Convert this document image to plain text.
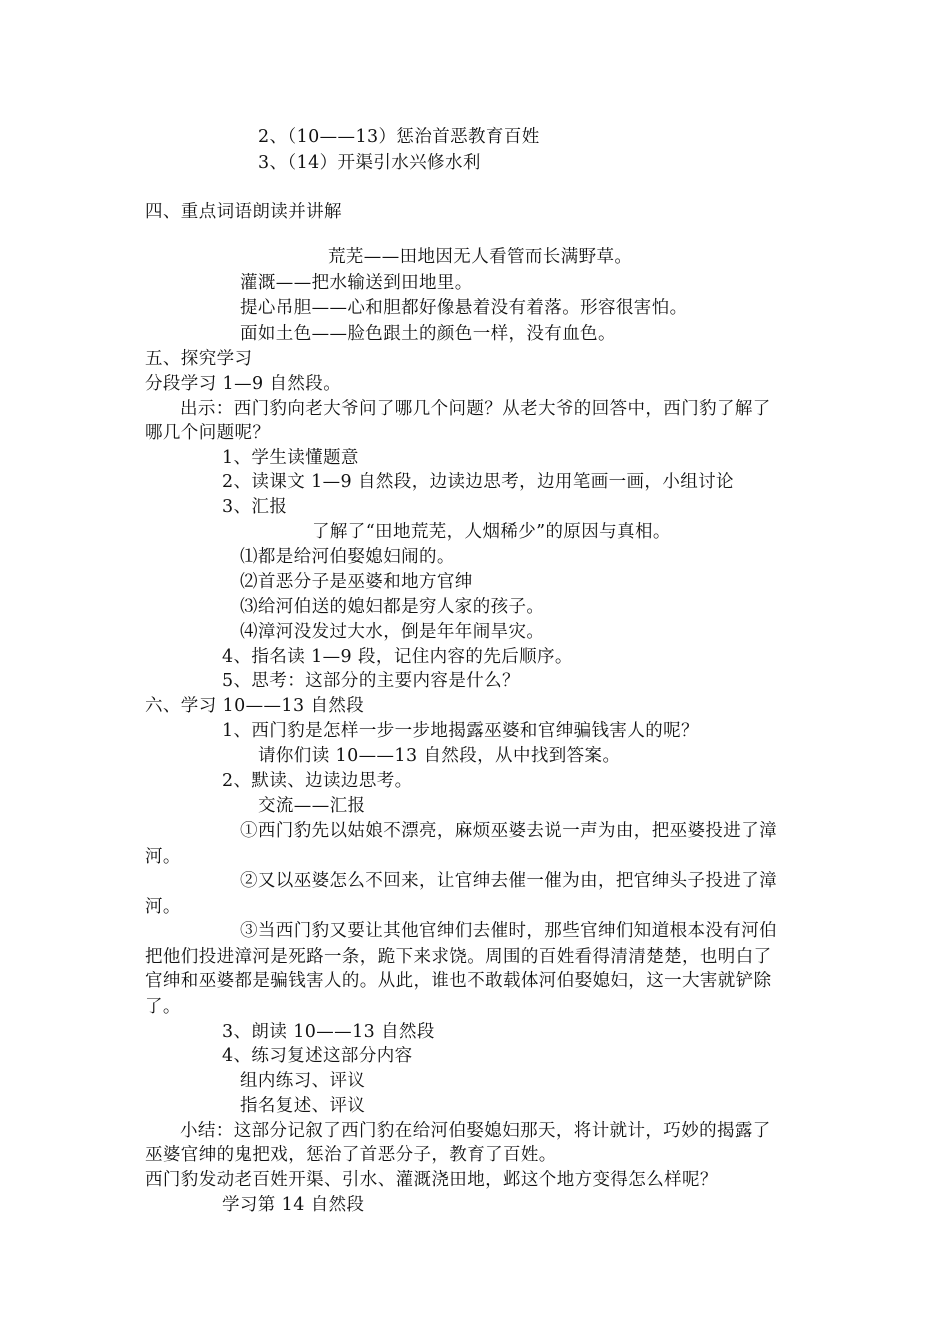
2、（10——13）惩治首恶教育百姓
3、（14）开渠引水兴修水利
四、重点词语朗读并讲解
荒芜——田地因无人看管而长满野草。
灌溉——把水输送到田地里。
提心吊胆——心和胆都好像悬着没有着落。形容很害怕。
面如土色——脸色跟土的颜色一样，没有血色。
五、探究学习
分段学习 1—9 自然段。
出示：西门豹向老大爷问了哪几个问题？从老大爷的回答中，西门豹了解了
哪几个问题呢？
1、学生读懂题意
2、读课文 1—9 自然段，边读边思考，边用笔画一画，小组讨论
3、汇报
了解了“田地荒芜，人烟稀少”的原因与真相。
⑴都是给河伯娶媳妇闹的。
⑵首恶分子是巫婆和地方官绅
⑶给河伯送的媳妇都是穷人家的孩子。
⑷漳河没发过大水，倒是年年闹旱灾。
4、指名读 1—9 段，记住内容的先后顺序。
5、思考：这部分的主要内容是什么？
六、学习 10——13 自然段
1、西门豹是怎样一步一步地揭露巫婆和官绅骗钱害人的呢？
请你们读 10——13 自然段，从中找到答案。
2、默读、边读边思考。
交流——汇报
①西门豹先以姑娘不漂亮，麻烦巫婆去说一声为由，把巫婆投进了漳
河。
②又以巫婆怎么不回来，让官绅去催一催为由，把官绅头子投进了漳
河。
③当西门豹又要让其他官绅们去催时，那些官绅们知道根本没有河伯
把他们投进漳河是死路一条，跪下来求饶。周围的百姓看得清清楚楚，也明白了
官绅和巫婆都是骗钱害人的。从此，谁也不敢载体河伯娶媳妇，这一大害就铲除
了。
3、朗读 10——13 自然段
4、练习复述这部分内容
组内练习、评议
指名复述、评议
小结：这部分记叙了西门豹在给河伯娶媳妇那天，将计就计，巧妙的揭露了
巫婆官绅的鬼把戏，惩治了首恶分子，教育了百姓。
西门豹发动老百姓开渠、引水、灌溉浇田地，邺这个地方变得怎么样呢？
学习第 14 自然段
